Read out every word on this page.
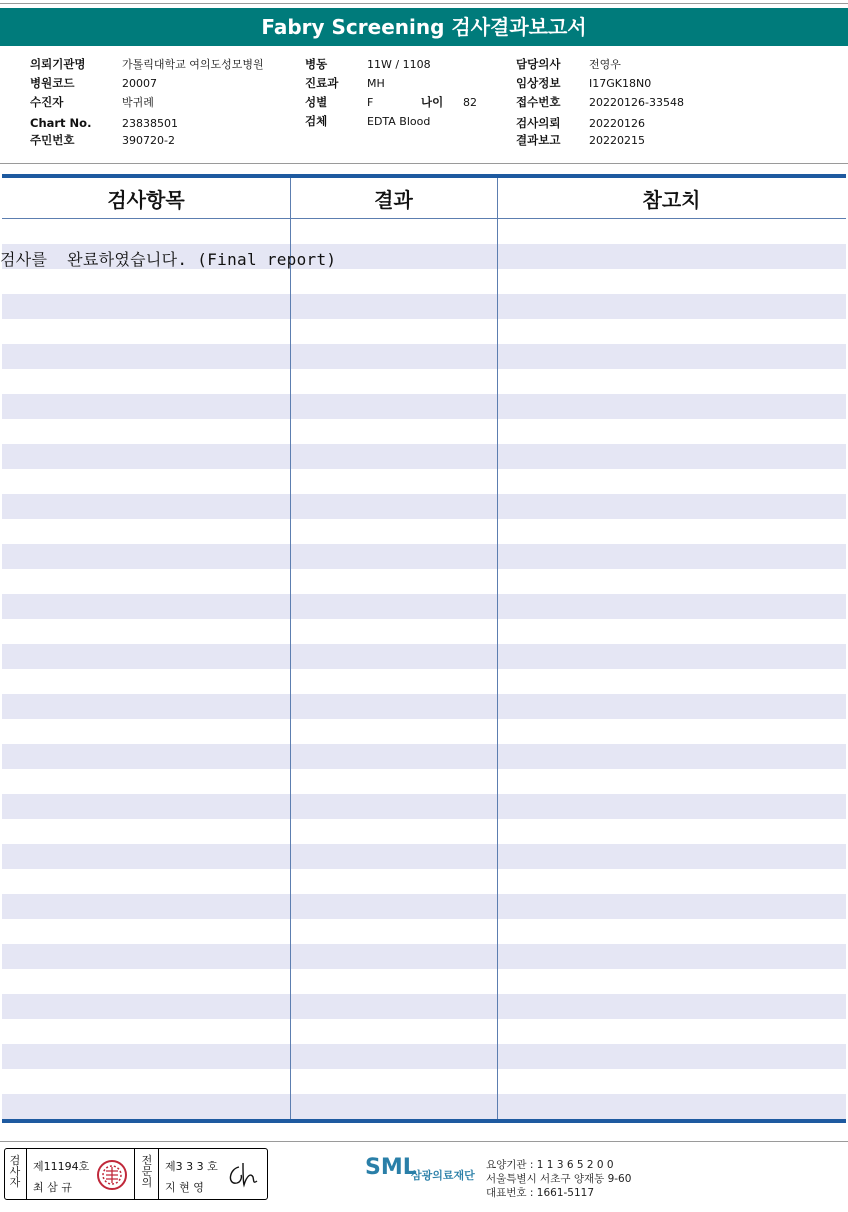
Fabry Screening 검사결과보고서
의뢰기관명	가톨릭대학교 여의도성모병원
병원코드	20007
수진자	박귀례
Chart No.	23838501
주민번호	390720-2
병동	11W / 1108
진료과	MH
성별	F	나이 82
검체	EDTA Blood
담당의사	전영우
임상정보	I17GK18N0
접수번호	20220126-33548
검사의뢰	20220126
결과보고	20220215
검사항목	결과	참고치
검사를  완료하였습니다. (Final report)
검
사
자
제11194호
최 삼 규
전
문
의
제3 3 3 호
지 현 영
SML
삼광의료재단
요양기관 : 1 1 3 6 5 2 0 0
서울특별시 서초구 양재동 9-60
대표번호 : 1661-5117
